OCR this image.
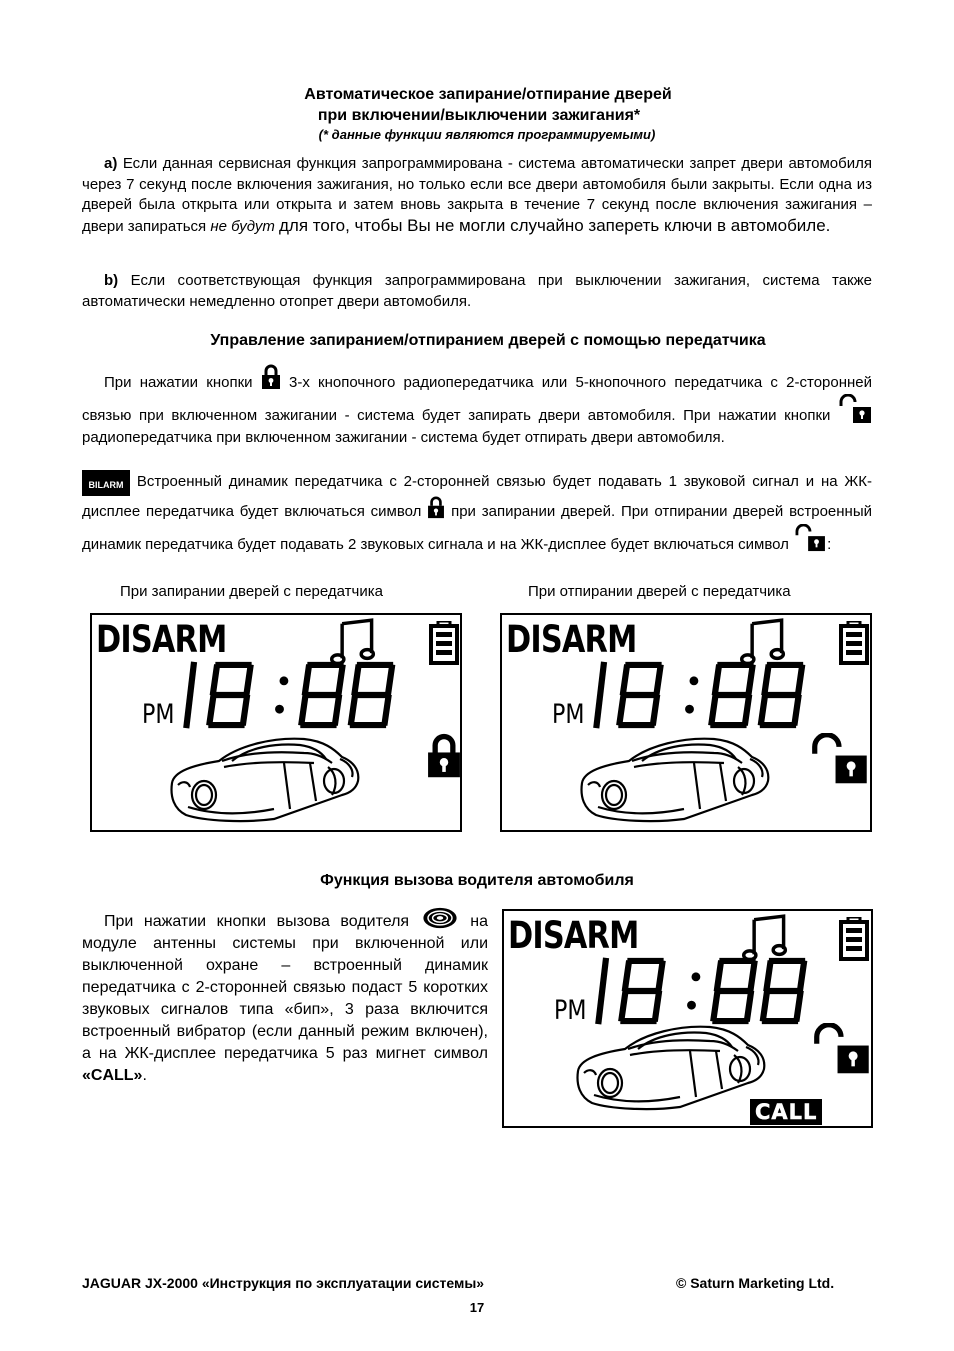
Автоматическое запирание/отпирание дверей
при включении/выключении зажигания*
(* данные функции являются программируемыми)
a) Если данная сервисная функция запрограммирована - система автоматически запрет двери автомобиля через 7 секунд после включения зажигания, но только если все двери автомобиля были закрыты. Если одна из дверей была открыта или открыта и затем вновь закрыта в течение 7 секунд после включения зажигания – двери запираться не будут для того, чтобы Вы не могли случайно запереть ключи в автомобиле.
b) Если соответствующая функция запрограммирована при выключении зажигания, система также автоматически немедленно отопрет двери автомобиля.
Управление запиранием/отпиранием дверей с помощью передатчика
При нажатии кнопки 3-х кнопочного радиопередатчика или 5-кнопочного передатчика с 2-сторонней связью при включенном зажигании - система будет запирать двери автомобиля. При нажатии кнопки  радиопередатчика при включенном зажигании - система будет отпирать двери автомобиля.
BILARM Встроенный динамик передатчика с 2-сторонней связью будет подавать 1 звуковой сигнал и на ЖК-дисплее передатчика будет включаться символ при запирании дверей. При отпирании дверей встроенный динамик передатчика будет подавать 2 звуковых сигнала и на ЖК-дисплее будет включаться символ	:
При запирании дверей с передатчика	При отпирании дверей с передатчика
DISARM
PM
DISARM
PM
Функция вызова водителя автомобиля
При нажатии кнопки вызова водителя	на модуле антенны системы при включенной или выключенной охране – встроенный динамик передатчика с 2-сторонней связью подаст 5 коротких звуковых сигналов типа «бип», 3 раза включится встроенный вибратор (если данный режим включен), а на ЖК-дисплее передатчика 5 раз мигнет символ «CALL».
DISARM
PM
CALL
JAGUAR JX-2000 «Инструкция по эксплуатации системы»	© Saturn Marketing Ltd.
17
